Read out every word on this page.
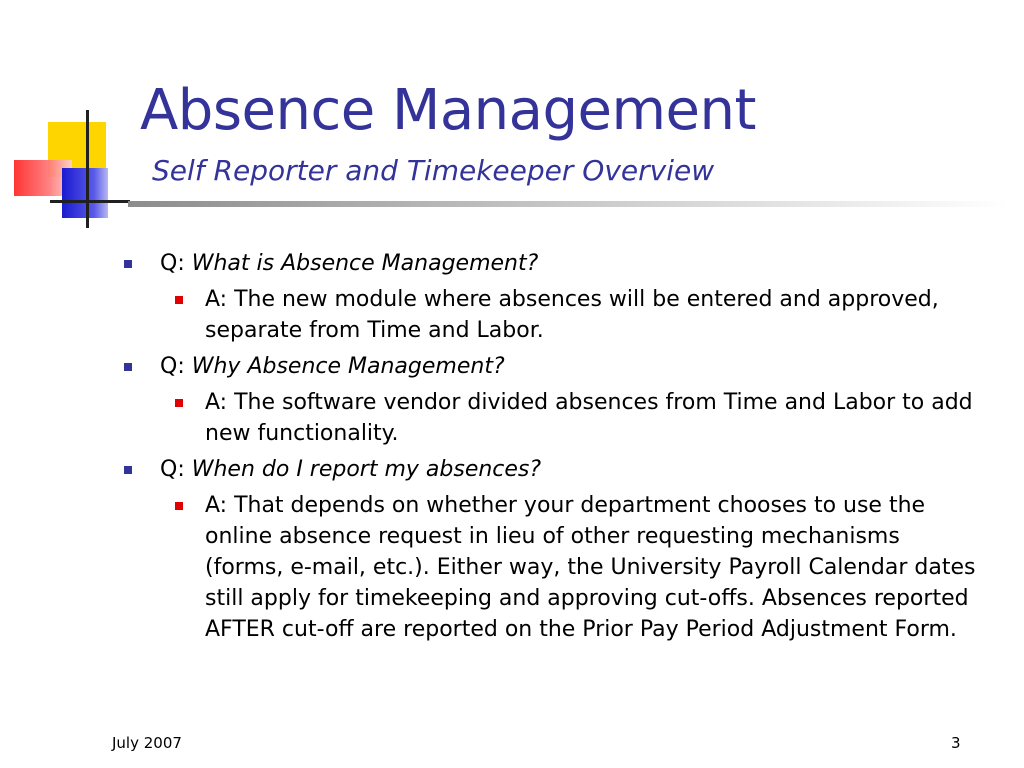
Absence Management
Self Reporter and Timekeeper Overview
Q: What is Absence Management?
A: The new module where absences will be entered and approved, separate from Time and Labor.
Q: Why Absence Management?
A: The software vendor divided absences from Time and Labor to add new functionality.
Q: When do I report my absences?
A: That depends on whether your department chooses to use the online absence request in lieu of other requesting mechanisms (forms, e-mail, etc.). Either way, the University Payroll Calendar dates still apply for timekeeping and approving cut-offs. Absences reported AFTER cut-off are reported on the Prior Pay Period Adjustment Form.
July 2007	3
